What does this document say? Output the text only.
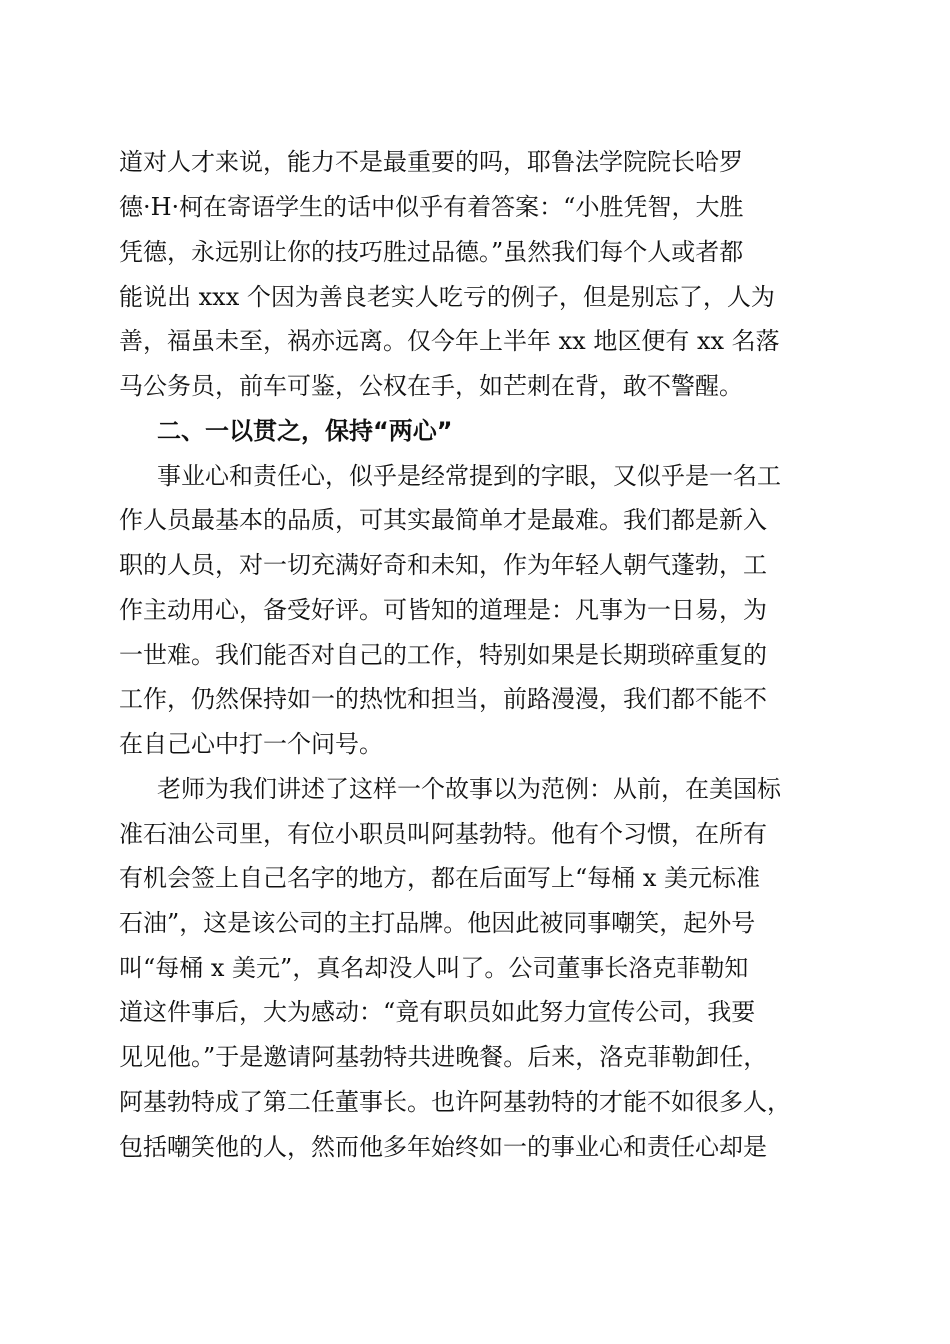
道对人才来说，能力不是最重要的吗，耶鲁法学院院长哈罗

德·H·柯在寄语学生的话中似乎有着答案：“小胜凭智，大胜

凭德，永远别让你的技巧胜过品德。”虽然我们每个人或者都

能说出 xxx 个因为善良老实人吃亏的例子，但是别忘了，人为

善，福虽未至，祸亦远离。仅今年上半年 xx 地区便有 xx 名落

马公务员，前车可鉴，公权在手，如芒刺在背，敢不警醒。

二、一以贯之，保持“两心”

事业心和责任心，似乎是经常提到的字眼，又似乎是一名工

作人员最基本的品质，可其实最简单才是最难。我们都是新入

职的人员，对一切充满好奇和未知，作为年轻人朝气蓬勃，工

作主动用心，备受好评。可皆知的道理是：凡事为一日易，为

一世难。我们能否对自己的工作，特别如果是长期琐碎重复的

工作，仍然保持如一的热忱和担当，前路漫漫，我们都不能不

在自己心中打一个问号。

老师为我们讲述了这样一个故事以为范例：从前，在美国标

准石油公司里，有位小职员叫阿基勃特。他有个习惯，在所有

有机会签上自己名字的地方，都在后面写上“每桶 x 美元标准

石油”，这是该公司的主打品牌。他因此被同事嘲笑，起外号

叫“每桶 x 美元”，真名却没人叫了。公司董事长洛克菲勒知

道这件事后，大为感动：“竟有职员如此努力宣传公司，我要

见见他。”于是邀请阿基勃特共进晚餐。后来，洛克菲勒卸任，

阿基勃特成了第二任董事长。也许阿基勃特的才能不如很多人，

包括嘲笑他的人，然而他多年始终如一的事业心和责任心却是
